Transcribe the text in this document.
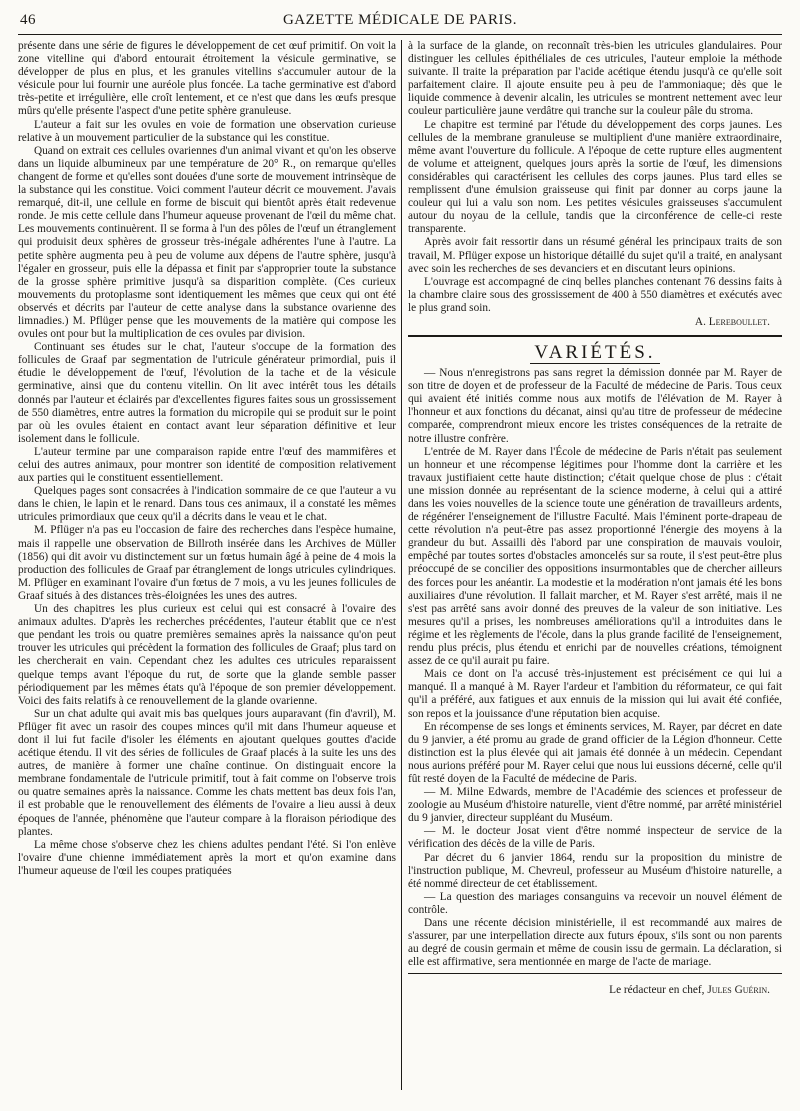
46	GAZETTE MÉDICALE DE PARIS.

présente dans une série de figures le développement de cet œuf primitif. On voit la zone vitelline qui d'abord entourait étroitement la vésicule germinative, se développer de plus en plus, et les granules vitellins s'accumuler autour de la vésicule pour lui fournir une auréole plus foncée. La tache germinative est d'abord très-petite et irrégulière, elle croît lentement, et ce n'est que dans les œufs presque mûrs qu'elle présente l'aspect d'une petite sphère granuleuse.

L'auteur a fait sur les ovules en voie de formation une observation curieuse relative à un mouvement particulier de la substance qui les constitue.

Quand on extrait ces cellules ovariennes d'un animal vivant et qu'on les observe dans un liquide albumineux par une température de 20° R., on remarque qu'elles changent de forme et qu'elles sont douées d'une sorte de mouvement intrinsèque de la substance qui les constitue. Voici comment l'auteur décrit ce mouvement. J'avais remarqué, dit-il, une cellule en forme de biscuit qui bientôt après était redevenue ronde. Je mis cette cellule dans l'humeur aqueuse provenant de l'œil du même chat. Les mouvements continuèrent. Il se forma à l'un des pôles de l'œuf un étranglement qui produisit deux sphères de grosseur très-inégale adhérentes l'une à l'autre. La petite sphère augmenta peu à peu de volume aux dépens de l'autre sphère, jusqu'à l'égaler en grosseur, puis elle la dépassa et finit par s'approprier toute la substance de la grosse sphère primitive jusqu'à sa disparition complète. (Ces curieux mouvements du protoplasme sont identiquement les mêmes que ceux qui ont été observés et décrits par l'auteur de cette analyse dans la substance ovarienne des limnadies.) M. Pflüger pense que les mouvements de la matière qui compose les ovules ont pour but la multiplication de ces ovules par division.

Continuant ses études sur le chat, l'auteur s'occupe de la formation des follicules de Graaf par segmentation de l'utricule générateur primordial, puis il étudie le développement de l'œuf, l'évolution de la tache et de la vésicule germinative, ainsi que du contenu vitellin. On lit avec intérêt tous les détails donnés par l'auteur et éclairés par d'excellentes figures faites sous un grossissement de 550 diamètres, entre autres la formation du micropile qui se produit sur le point par où les ovules étaient en contact avant leur séparation définitive et leur isolement dans le follicule.

L'auteur termine par une comparaison rapide entre l'œuf des mammifères et celui des autres animaux, pour montrer son identité de composition relativement aux parties qui le constituent essentiellement.

Quelques pages sont consacrées à l'indication sommaire de ce que l'auteur a vu dans le chien, le lapin et le renard. Dans tous ces animaux, il a constaté les mêmes utricules primordiaux que ceux qu'il a décrits dans le veau et le chat.

M. Pflüger n'a pas eu l'occasion de faire des recherches dans l'espèce humaine, mais il rappelle une observation de Billroth insérée dans les Archives de Müller (1856) qui dit avoir vu distinctement sur un fœtus humain âgé à peine de 4 mois la production des follicules de Graaf par étranglement de longs utricules cylindriques. M. Pflüger en examinant l'ovaire d'un fœtus de 7 mois, a vu les jeunes follicules de Graaf situés à des distances très-éloignées les unes des autres.

Un des chapitres les plus curieux est celui qui est consacré à l'ovaire des animaux adultes. D'après les recherches précédentes, l'auteur établit que ce n'est que pendant les trois ou quatre premières semaines après la naissance qu'on peut trouver les utricules qui précèdent la formation des follicules de Graaf; plus tard on les chercherait en vain. Cependant chez les adultes ces utricules reparaissent quelque temps avant l'époque du rut, de sorte que la glande semble passer périodiquement par les mêmes états qu'à l'époque de son premier développement. Voici des faits relatifs à ce renouvellement de la glande ovarienne.

Sur un chat adulte qui avait mis bas quelques jours auparavant (fin d'avril), M. Pflüger fit avec un rasoir des coupes minces qu'il mit dans l'humeur aqueuse et dont il lui fut facile d'isoler les éléments en ajoutant quelques gouttes d'acide acétique étendu. Il vit des séries de follicules de Graaf placés à la suite les uns des autres, de manière à former une chaîne continue. On distinguait encore la membrane fondamentale de l'utricule primitif, tout à fait comme on l'observe trois ou quatre semaines après la naissance. Comme les chats mettent bas deux fois l'an, il est probable que le renouvellement des éléments de l'ovaire a lieu aussi à deux époques de l'année, phénomène que l'auteur compare à la floraison périodique des plantes.

La même chose s'observe chez les chiens adultes pendant l'été. Si l'on enlève l'ovaire d'une chienne immédiatement après la mort et qu'on examine dans l'humeur aqueuse de l'œil les coupes pratiquées

à la surface de la glande, on reconnaît très-bien les utricules glandulaires. Pour distinguer les cellules épithéliales de ces utricules, l'auteur emploie la méthode suivante. Il traite la préparation par l'acide acétique étendu jusqu'à ce qu'elle soit parfaitement claire. Il ajoute ensuite peu à peu de l'ammoniaque; dès que le liquide commence à devenir alcalin, les utricules se montrent nettement avec leur couleur particulière jaune verdâtre qui tranche sur la couleur pâle du stroma.

Le chapitre est terminé par l'étude du développement des corps jaunes. Les cellules de la membrane granuleuse se multiplient d'une manière extraordinaire, même avant l'ouverture du follicule. A l'époque de cette rupture elles augmentent de volume et atteignent, quelques jours après la sortie de l'œuf, les dimensions considérables qui caractérisent les cellules des corps jaunes. Plus tard elles se remplissent d'une émulsion graisseuse qui finit par donner au corps jaune la couleur qui lui a valu son nom. Les petites vésicules graisseuses s'accumulent autour du noyau de la cellule, tandis que la circonférence de celle-ci reste transparente.

Après avoir fait ressortir dans un résumé général les principaux traits de son travail, M. Pflüger expose un historique détaillé du sujet qu'il a traité, en analysant avec soin les recherches de ses devanciers et en discutant leurs opinions.

L'ouvrage est accompagné de cinq belles planches contenant 76 dessins faits à la chambre claire sous des grossissement de 400 à 550 diamètres et exécutés avec le plus grand soin.

A. Lereboullet.

VARIÉTÉS.

— Nous n'enregistrons pas sans regret la démission donnée par M. Rayer de son titre de doyen et de professeur de la Faculté de médecine de Paris. Tous ceux qui avaient été initiés comme nous aux motifs de l'élévation de M. Rayer à l'honneur et aux fonctions du décanat, ainsi qu'au titre de professeur de médecine comparée, comprendront mieux encore les tristes conséquences de la retraite de notre illustre confrère.

L'entrée de M. Rayer dans l'École de médecine de Paris n'était pas seulement un honneur et une récompense légitimes pour l'homme dont la carrière et les travaux justifiaient cette haute distinction; c'était quelque chose de plus : c'était une mission donnée au représentant de la science moderne, à celui qui a attiré dans les voies nouvelles de la science toute une génération de travailleurs ardents, de régénérer l'enseignement de l'illustre Faculté. Mais l'éminent porte-drapeau de cette révolution n'a peut-être pas assez proportionné l'énergie des moyens à la grandeur du but. Assailli dès l'abord par une conspiration de mauvais vouloir, empêché par toutes sortes d'obstacles amoncelés sur sa route, il s'est peut-être plus préoccupé de se concilier des oppositions insurmontables que de chercher ailleurs des forces pour les anéantir. La modestie et la modération n'ont jamais été les bons auxiliaires d'une révolution. Il fallait marcher, et M. Rayer s'est arrêté, mais il ne s'est pas arrêté sans avoir donné des preuves de la valeur de son initiative. Les mesures qu'il a prises, les nombreuses améliorations qu'il a introduites dans le régime et les règlements de l'école, dans la plus grande facilité de l'enseignement, rendu plus précis, plus étendu et enrichi par de nouvelles créations, témoignent assez de ce qu'il aurait pu faire.

Mais ce dont on l'a accusé très-injustement est précisément ce qui lui a manqué. Il a manqué à M. Rayer l'ardeur et l'ambition du réformateur, ce qui fait qu'il a préféré, aux fatigues et aux ennuis de la mission qui lui avait été confiée, son repos et la jouissance d'une réputation bien acquise.

En récompense de ses longs et éminents services, M. Rayer, par décret en date du 9 janvier, a été promu au grade de grand officier de la Légion d'honneur. Cette distinction est la plus élevée qui ait jamais été donnée à un médecin. Cependant nous aurions préféré pour M. Rayer celui que nous lui eussions décerné, celle qu'il fût resté doyen de la Faculté de médecine de Paris.

— M. Milne Edwards, membre de l'Académie des sciences et professeur de zoologie au Muséum d'histoire naturelle, vient d'être nommé, par arrêté ministériel du 9 janvier, directeur suppléant du Muséum.

— M. le docteur Josat vient d'être nommé inspecteur de service de la vérification des décès de la ville de Paris.

Par décret du 6 janvier 1864, rendu sur la proposition du ministre de l'instruction publique, M. Chevreul, professeur au Muséum d'histoire naturelle, a été nommé directeur de cet établissement.

— La question des mariages consanguins va recevoir un nouvel élément de contrôle.

Dans une récente décision ministérielle, il est recommandé aux maires de s'assurer, par une interpellation directe aux futurs époux, s'ils sont ou non parents au degré de cousin germain et même de cousin issu de germain. La déclaration, si elle est affirmative, sera mentionnée en marge de l'acte de mariage.

Le rédacteur en chef, Jules Guérin.
